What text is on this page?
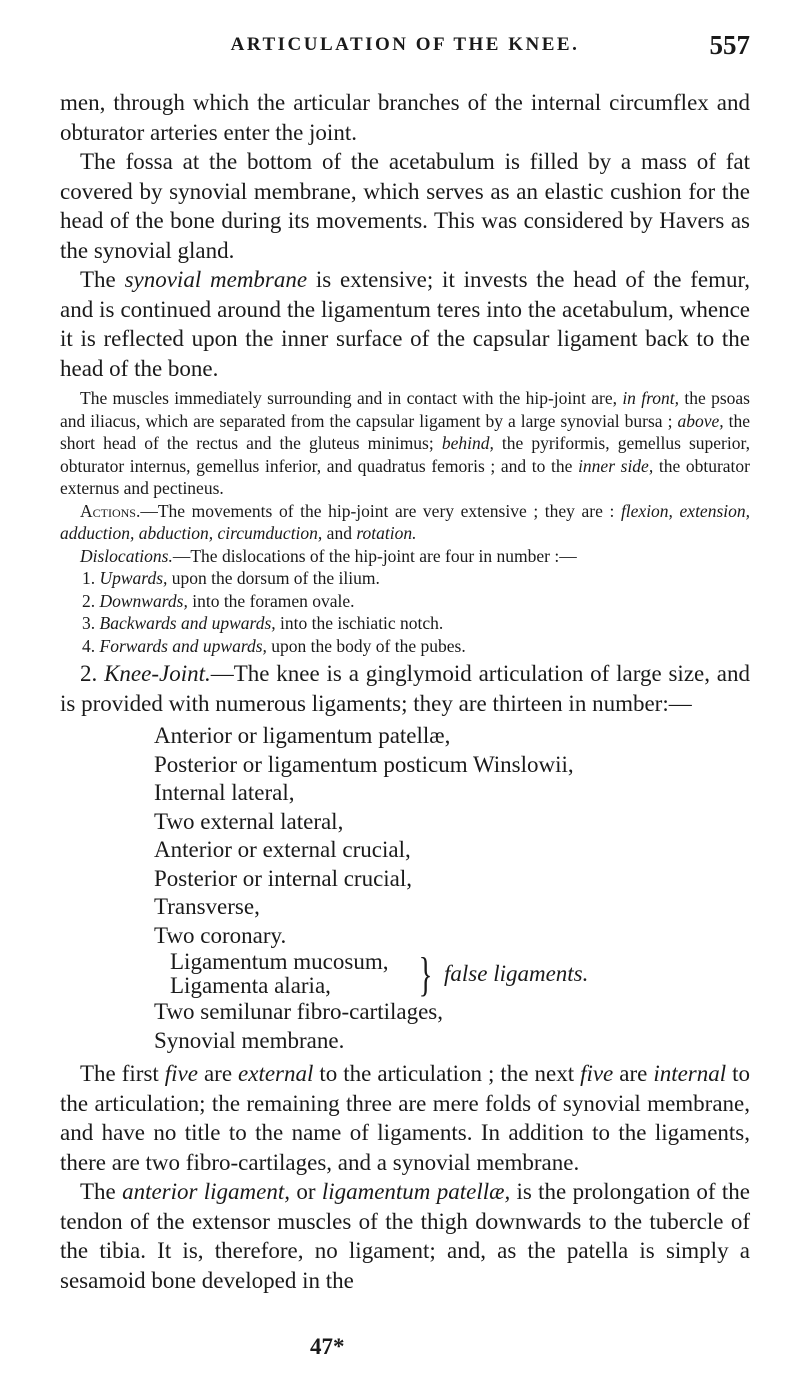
ARTICULATION OF THE KNEE.	557

men, through which the articular branches of the internal circumflex and obturator arteries enter the joint.

The fossa at the bottom of the acetabulum is filled by a mass of fat covered by synovial membrane, which serves as an elastic cushion for the head of the bone during its movements. This was considered by Havers as the synovial gland.

The synovial membrane is extensive; it invests the head of the femur, and is continued around the ligamentum teres into the acetabulum, whence it is reflected upon the inner surface of the capsular ligament back to the head of the bone.

The muscles immediately surrounding and in contact with the hip-joint are, in front, the psoas and iliacus, which are separated from the capsular ligament by a large synovial bursa ; above, the short head of the rectus and the gluteus minimus; behind, the pyriformis, gemellus superior, obturator internus, gemellus inferior, and quadratus femoris ; and to the inner side, the obturator externus and pectineus.

Actions.—The movements of the hip-joint are very extensive ; they are : flexion, extension, adduction, abduction, circumduction, and rotation.

Dislocations.—The dislocations of the hip-joint are four in number :—

1. Upwards, upon the dorsum of the ilium.

2. Downwards, into the foramen ovale.

3. Backwards and upwards, into the ischiatic notch.

4. Forwards and upwards, upon the body of the pubes.

2. Knee-Joint.—The knee is a ginglymoid articulation of large size, and is provided with numerous ligaments; they are thirteen in number:—

Anterior or ligamentum patellæ,
Posterior or ligamentum posticum Winslowii,
Internal lateral,
Two external lateral,
Anterior or external crucial,
Posterior or internal crucial,
Transverse,
Two coronary.
Ligamentum mucosum,
Ligamenta alaria,	} false ligaments.
Two semilunar fibro-cartilages,
Synovial membrane.

The first five are external to the articulation ; the next five are internal to the articulation; the remaining three are mere folds of synovial membrane, and have no title to the name of ligaments. In addition to the ligaments, there are two fibro-cartilages, and a synovial membrane.

The anterior ligament, or ligamentum patellæ, is the prolongation of the tendon of the extensor muscles of the thigh downwards to the tubercle of the tibia. It is, therefore, no ligament; and, as the patella is simply a sesamoid bone developed in the

47*
